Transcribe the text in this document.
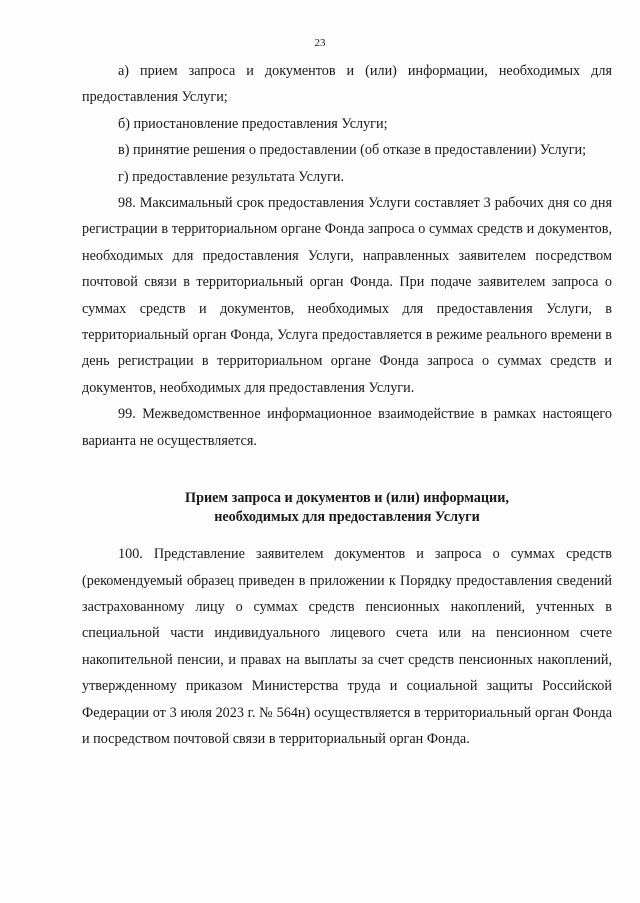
23

а) прием запроса и документов и (или) информации, необходимых для предоставления Услуги;

б) приостановление предоставления Услуги;

в) принятие решения о предоставлении (об отказе в предоставлении) Услуги;

г) предоставление результата Услуги.

98. Максимальный срок предоставления Услуги составляет 3 рабочих дня со дня регистрации в территориальном органе Фонда запроса о суммах средств и документов, необходимых для предоставления Услуги, направленных заявителем посредством почтовой связи в территориальный орган Фонда. При подаче заявителем запроса о суммах средств и документов, необходимых для предоставления Услуги, в территориальный орган Фонда, Услуга предоставляется в режиме реального времени в день регистрации в территориальном органе Фонда запроса о суммах средств и документов, необходимых для предоставления Услуги.

99. Межведомственное информационное взаимодействие в рамках настоящего варианта не осуществляется.

Прием запроса и документов и (или) информации,
необходимых для предоставления Услуги

100. Представление заявителем документов и запроса о суммах средств (рекомендуемый образец приведен в приложении к Порядку предоставления сведений застрахованному лицу о суммах средств пенсионных накоплений, учтенных в специальной части индивидуального лицевого счета или на пенсионном счете накопительной пенсии, и правах на выплаты за счет средств пенсионных накоплений, утвержденному приказом Министерства труда и социальной защиты Российской Федерации от 3 июля 2023 г. № 564н) осуществляется в территориальный орган Фонда и посредством почтовой связи в территориальный орган Фонда.
